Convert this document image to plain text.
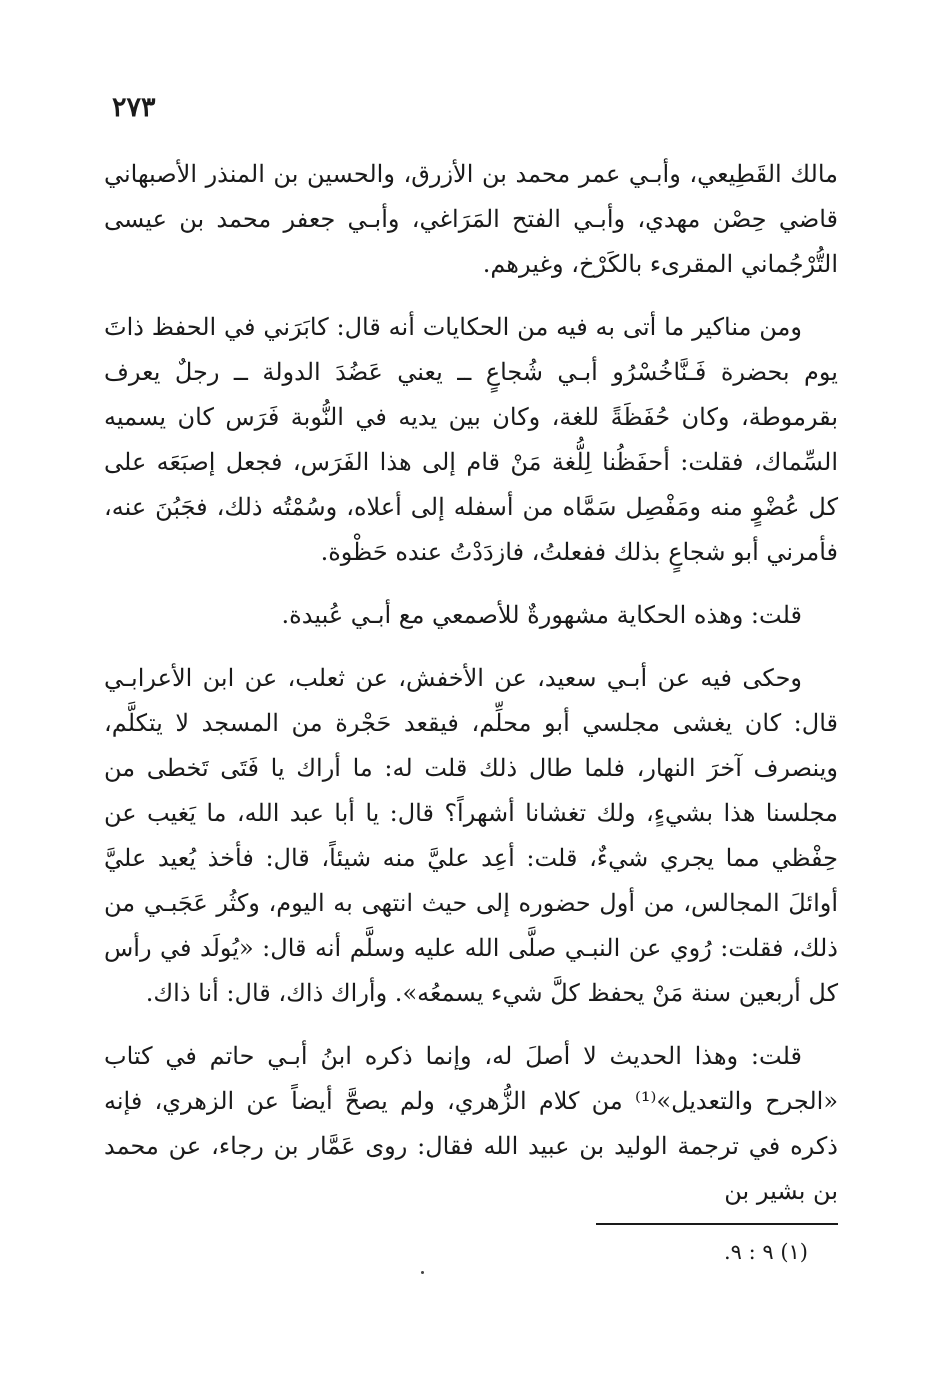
٢٧٣

مالك القَطِيعي، وأبـي عمر محمد بن الأزرق، والحسين بن المنذر الأصبهاني قاضي حِصْن مهدي، وأبـي الفتح المَرَاغي، وأبـي جعفر محمد بن عيسى التُّرْجُماني المقرىء بالكَرْخ، وغيرهم.

ومن مناكير ما أتى به فيه من الحكايات أنه قال: كابَرَني في الحفظ ذاتَ يوم بحضرة فَـنَّاخُسْرُو أبـي شُجاعٍ ــ يعني عَضُدَ الدولة ــ رجلٌ يعرف بقرموطة، وكان حُفَظَةً للغة، وكان بين يديه في النُّوبة فَرَس كان يسميه السِّماك، فقلت: أحفَظُنا لِلُّغة مَنْ قام إلى هذا الفَرَس، فجعل إصبَعَه على كل عُضْوٍ منه ومَفْصِل سَمَّاه من أسفله إلى أعلاه، وسُمْتُه ذلك، فجَبُنَ عنه، فأمرني أبو شجاعٍ بذلك ففعلتُ، فازدَدْتُ عنده حَظْوة.

قلت: وهذه الحكاية مشهورةٌ للأصمعي مع أبـي عُبيدة.

وحكى فيه عن أبـي سعيد، عن الأخفش، عن ثعلب، عن ابن الأعرابـي قال: كان يغشى مجلسي أبو محلِّم، فيقعد حَجْرة من المسجد لا يتكلَّم، وينصرف آخرَ النهار، فلما طال ذلك قلت له: ما أراك يا فَتَى تَخطى من مجلسنا هذا بشيءٍ، ولك تغشانا أشهراً؟ قال: يا أبا عبد الله، ما يَغيب عن حِفْظي مما يجري شيءٌ، قلت: أعِد عليَّ منه شيئاً، قال: فأخذ يُعيد عليَّ أوائلَ المجالس، من أول حضوره إلى حيث انتهى به اليوم، وكثُر عَجَبـي من ذلك، فقلت: رُوي عن النبـي صلَّى الله عليه وسلَّم أنه قال: «يُولَد في رأس كل أربعين سنة مَنْ يحفظ كلَّ شيء يسمعُه». وأراك ذاك، قال: أنا ذاك.

قلت: وهذا الحديث لا أصلَ له، وإنما ذكره ابنُ أبـي حاتم في كتاب «الجرح والتعديل»⁽¹⁾ من كلام الزُّهري، ولم يصحَّ أيضاً عن الزهري، فإنه ذكره في ترجمة الوليد بن عبيد الله فقال: روى عَمَّار بن رجاء، عن محمد بن بشير بن

(١) ٩ : ٩.
